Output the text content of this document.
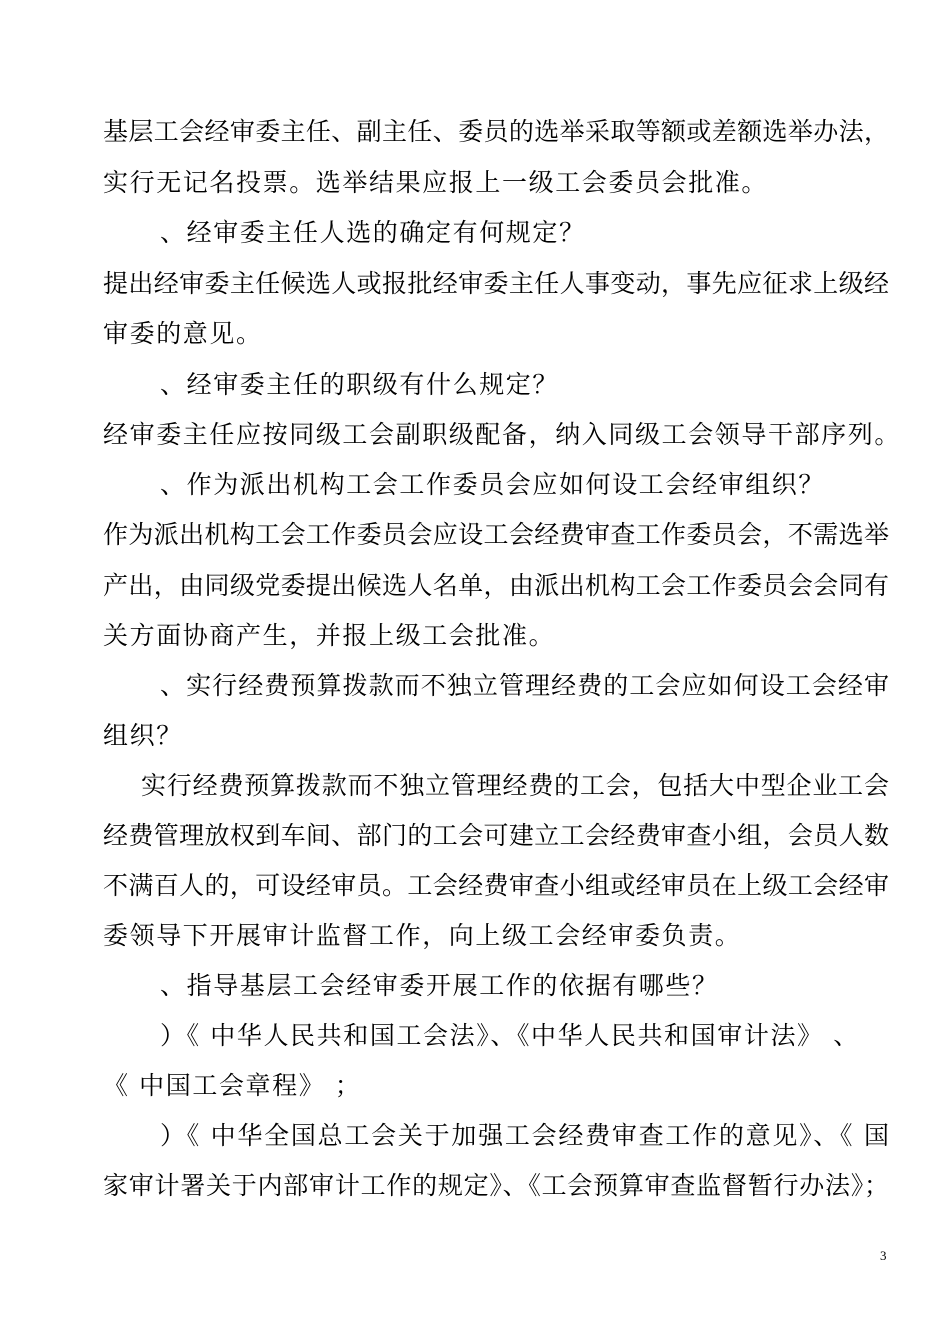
基层工会经审委主任、副主任、委员的选举采取等额或差额选举办法，
实行无记名投票。选举结果应报上一级工会委员会批准。
、经审委主任人选的确定有何规定？
提出经审委主任候选人或报批经审委主任人事变动，事先应征求上级经
审委的意见。
、经审委主任的职级有什么规定？
经审委主任应按同级工会副职级配备，纳入同级工会领导干部序列。
、作为派出机构工会工作委员会应如何设工会经审组织？
作为派出机构工会工作委员会应设工会经费审查工作委员会，不需选举
产出，由同级党委提出候选人名单，由派出机构工会工作委员会会同有
关方面协商产生，并报上级工会批准。
、实行经费预算拨款而不独立管理经费的工会应如何设工会经审
组织？
实行经费预算拨款而不独立管理经费的工会，包括大中型企业工会
经费管理放权到车间、部门的工会可建立工会经费审查小组，会员人数
不满百人的，可设经审员。工会经费审查小组或经审员在上级工会经审
委领导下开展审计监督工作，向上级工会经审委负责。
、指导基层工会经审委开展工作的依据有哪些？
）《 中华人民共和国工会法》、《中华人民共和国审计法》 、
《 中国工会章程》 ；
）《 中华全国总工会关于加强工会经费审查工作的意见》、《 国
家审计署关于内部审计工作的规定》、《工会预算审查监督暂行办法》；
3
